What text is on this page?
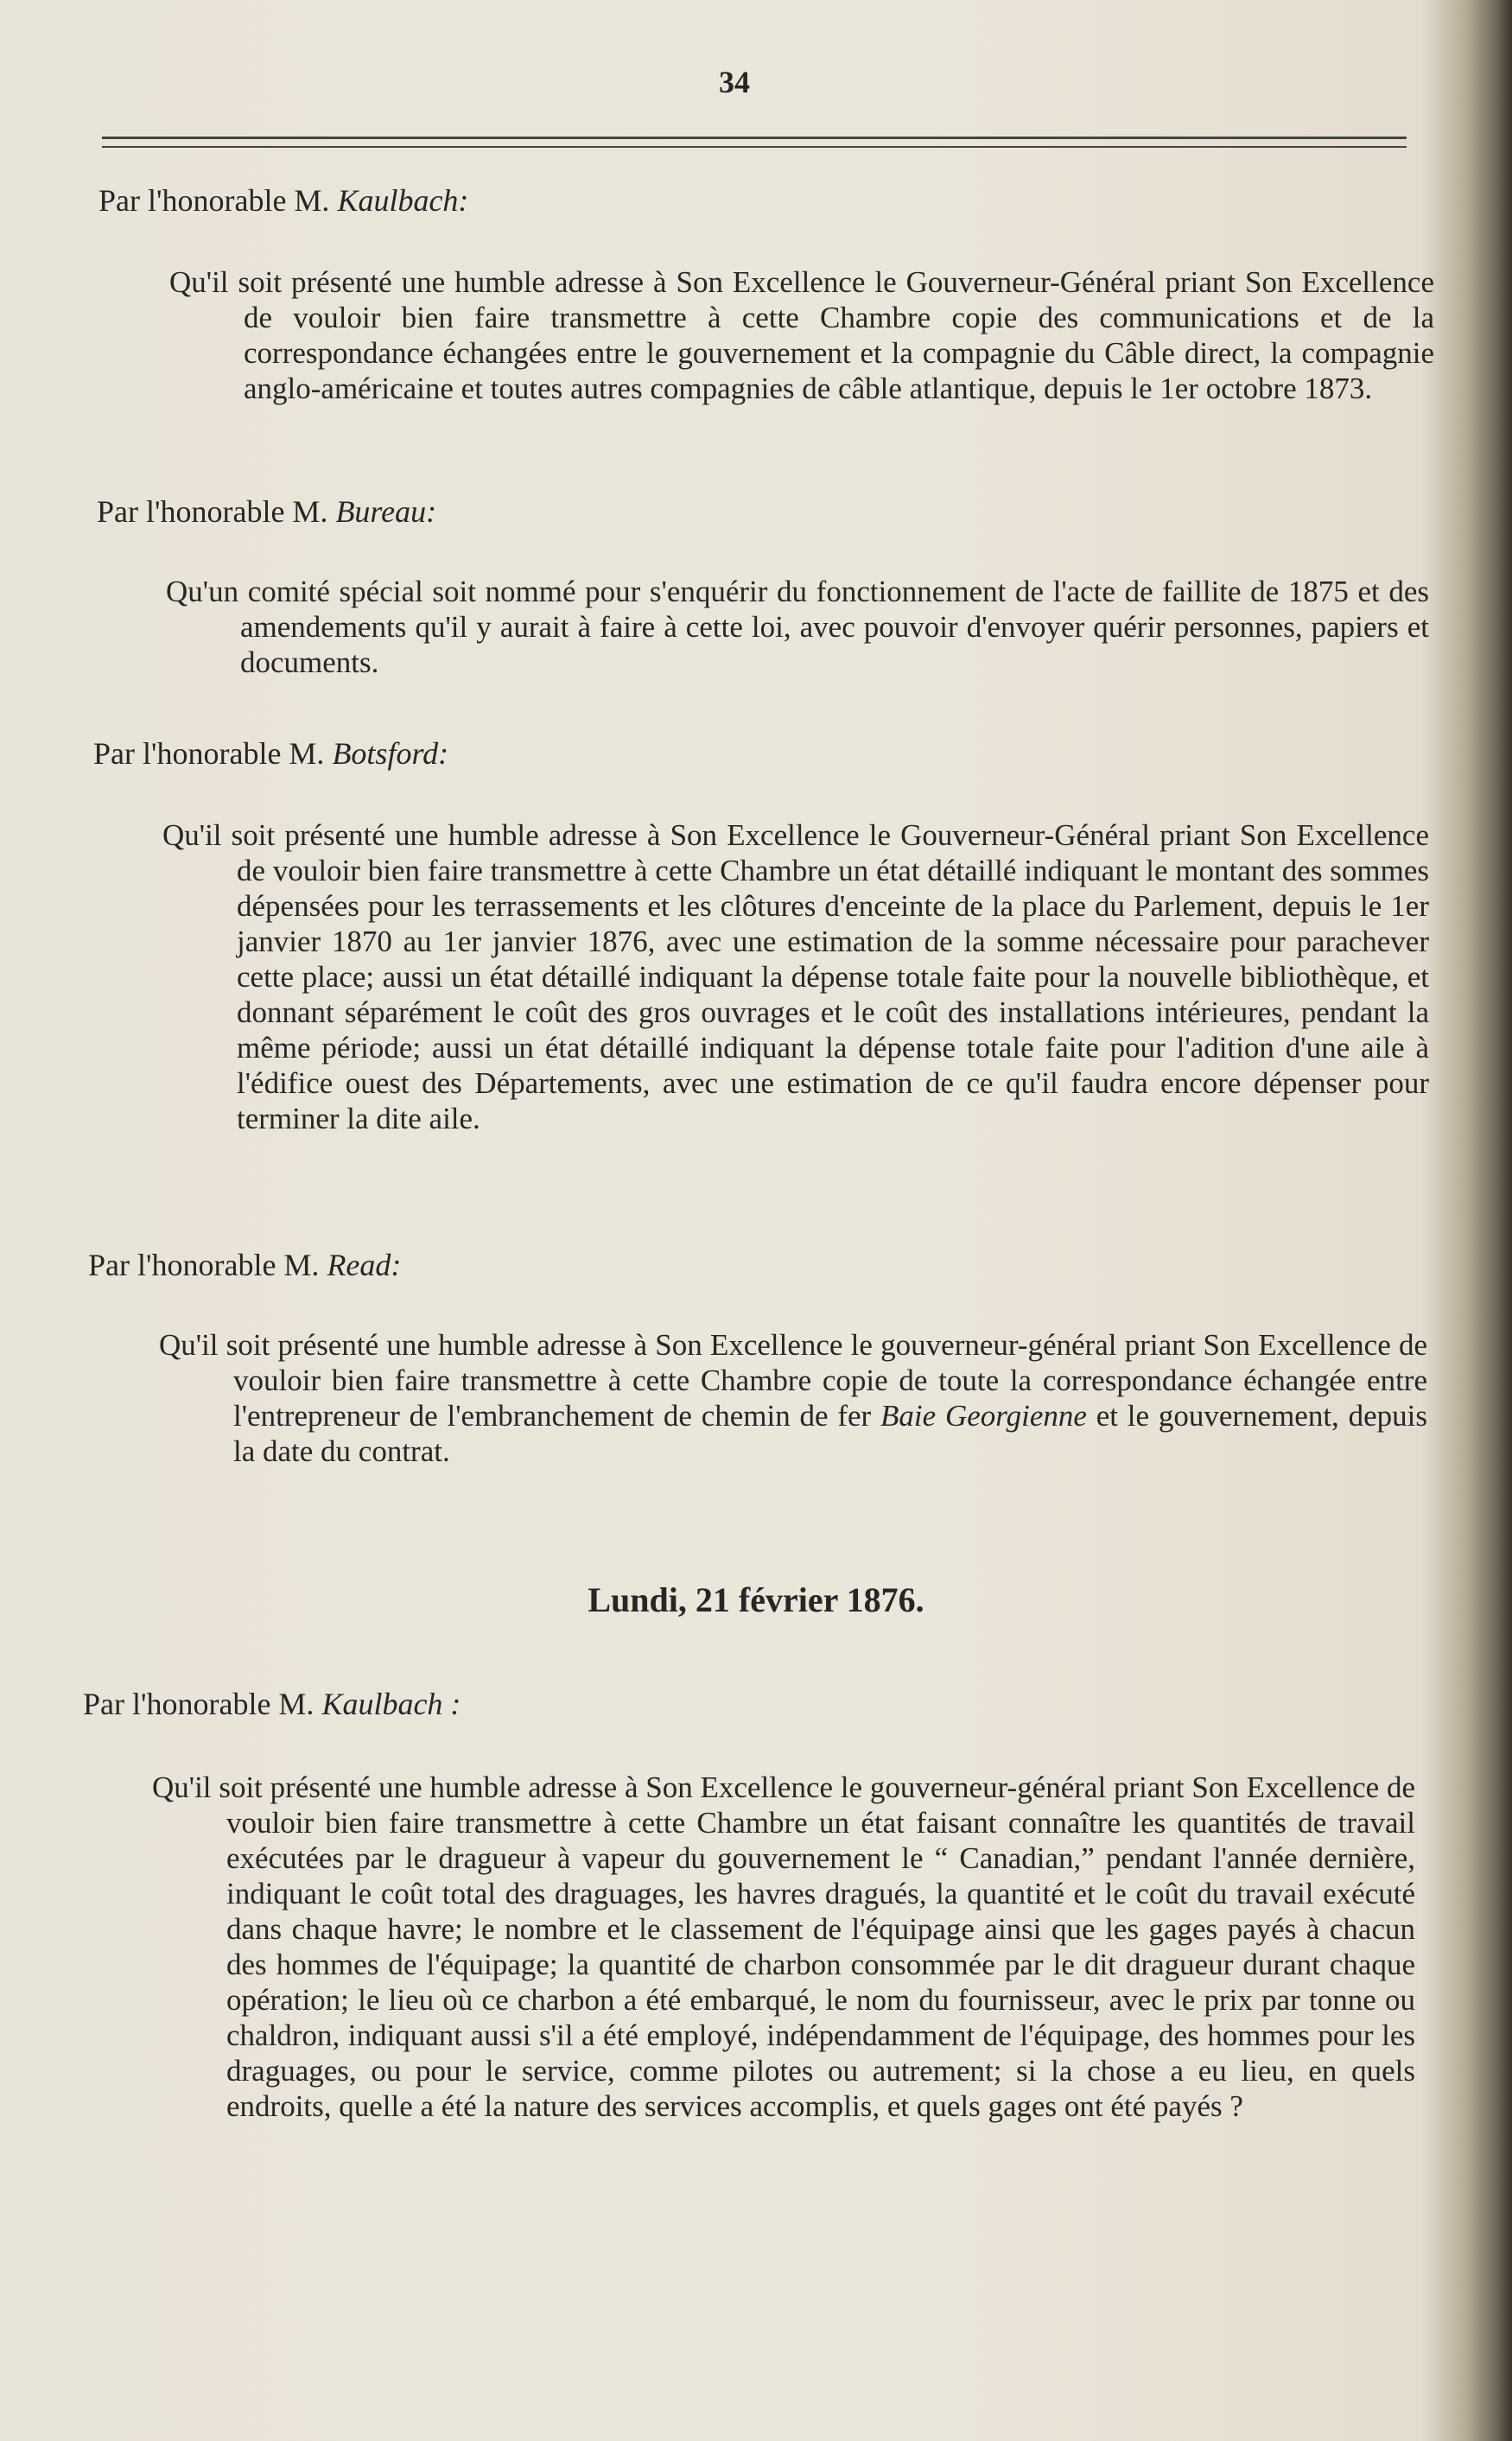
34
Par l'honorable M. Kaulbach:
Qu'il soit présenté une humble adresse à Son Excellence le Gouverneur-Général priant Son Excellence de vouloir bien faire transmettre à cette Chambre copie des communications et de la correspondance échangées entre le gouvernement et la compagnie du Câble direct, la compagnie anglo-américaine et toutes autres compagnies de câble atlantique, depuis le 1er octobre 1873.
Par l'honorable M. Bureau:
Qu'un comité spécial soit nommé pour s'enquérir du fonctionnement de l'acte de faillite de 1875 et des amendements qu'il y aurait à faire à cette loi, avec pouvoir d'envoyer quérir personnes, papiers et documents.
Par l'honorable M. Botsford:
Qu'il soit présenté une humble adresse à Son Excellence le Gouverneur-Général priant Son Excellence de vouloir bien faire transmettre à cette Chambre un état détaillé indiquant le montant des sommes dépensées pour les terrassements et les clôtures d'enceinte de la place du Parlement, depuis le 1er janvier 1870 au 1er janvier 1876, avec une estimation de la somme nécessaire pour parachever cette place; aussi un état détaillé indiquant la dépense totale faite pour la nouvelle bibliothèque, et donnant séparément le coût des gros ouvrages et le coût des installations intérieures, pendant la même période; aussi un état détaillé indiquant la dépense totale faite pour l'adition d'une aile à l'édifice ouest des Départements, avec une estimation de ce qu'il faudra encore dépenser pour terminer la dite aile.
Par l'honorable M. Read:
Qu'il soit présenté une humble adresse à Son Excellence le gouverneur-général priant Son Excellence de vouloir bien faire transmettre à cette Chambre copie de toute la correspondance échangée entre l'entrepreneur de l'embranchement de chemin de fer Baie Georgienne et le gouvernement, depuis la date du contrat.
Lundi, 21 février 1876.
Par l'honorable M. Kaulbach :
Qu'il soit présenté une humble adresse à Son Excellence le gouverneur-général priant Son Excellence de vouloir bien faire transmettre à cette Chambre un état faisant connaître les quantités de travail exécutées par le dragueur à vapeur du gouvernement le “ Canadian,” pendant l'année dernière, indiquant le coût total des draguages, les havres dragués, la quantité et le coût du travail exécuté dans chaque havre; le nombre et le classement de l'équipage ainsi que les gages payés à chacun des hommes de l'équipage; la quantité de charbon consommée par le dit dragueur durant chaque opération; le lieu où ce charbon a été embarqué, le nom du fournisseur, avec le prix par tonne ou chaldron, indiquant aussi s'il a été employé, indépendamment de l'équipage, des hommes pour les draguages, ou pour le service, comme pilotes ou autrement; si la chose a eu lieu, en quels endroits, quelle a été la nature des services accomplis, et quels gages ont été payés ?
